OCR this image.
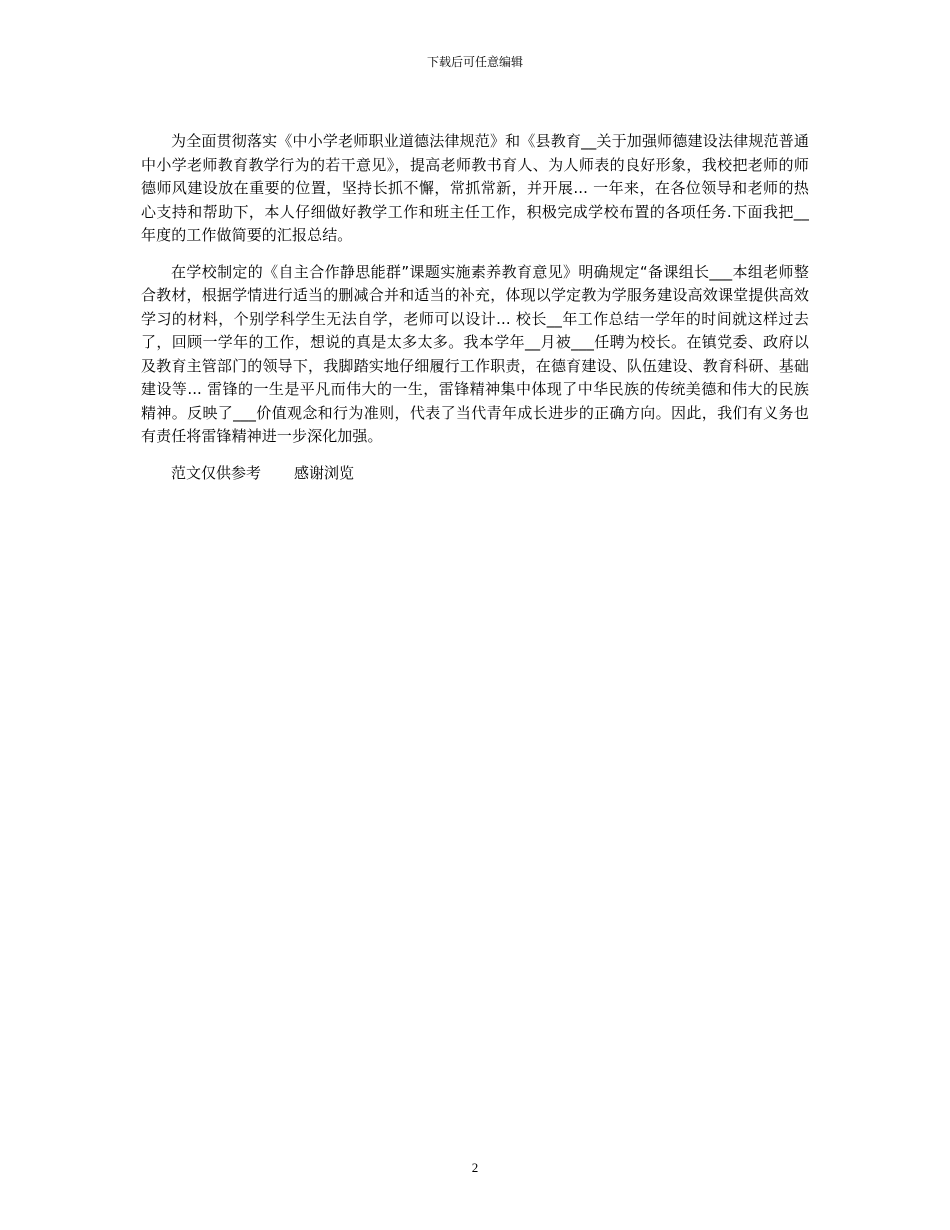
下载后可任意编辑

为全面贯彻落实《中小学老师职业道德法律规范》和《县教育__关于加强师德建设法律规范普通中小学老师教育教学行为的若干意见》，提高老师教书育人、为人师表的良好形象，我校把老师的师德师风建设放在重要的位置，坚持长抓不懈，常抓常新，并开展... 一年来，在各位领导和老师的热心支持和帮助下，本人仔细做好教学工作和班主任工作，积极完成学校布置的各项任务.下面我把__年度的工作做简要的汇报总结。

在学校制定的《自主合作静思能群”课题实施素养教育意见》明确规定“备课组长___本组老师整合教材，根据学情进行适当的删减合并和适当的补充，体现以学定教为学服务建设高效课堂提供高效学习的材料，个别学科学生无法自学，老师可以设计... 校长__年工作总结一学年的时间就这样过去了，回顾一学年的工作，想说的真是太多太多。我本学年__月被___任聘为校长。在镇党委、政府以及教育主管部门的领导下，我脚踏实地仔细履行工作职责，在德育建设、队伍建设、教育科研、基础建设等... 雷锋的一生是平凡而伟大的一生，雷锋精神集中体现了中华民族的传统美德和伟大的民族精神。反映了___价值观念和行为准则，代表了当代青年成长进步的正确方向。因此，我们有义务也有责任将雷锋精神进一步深化加强。

范文仅供参考 感谢浏览

2
